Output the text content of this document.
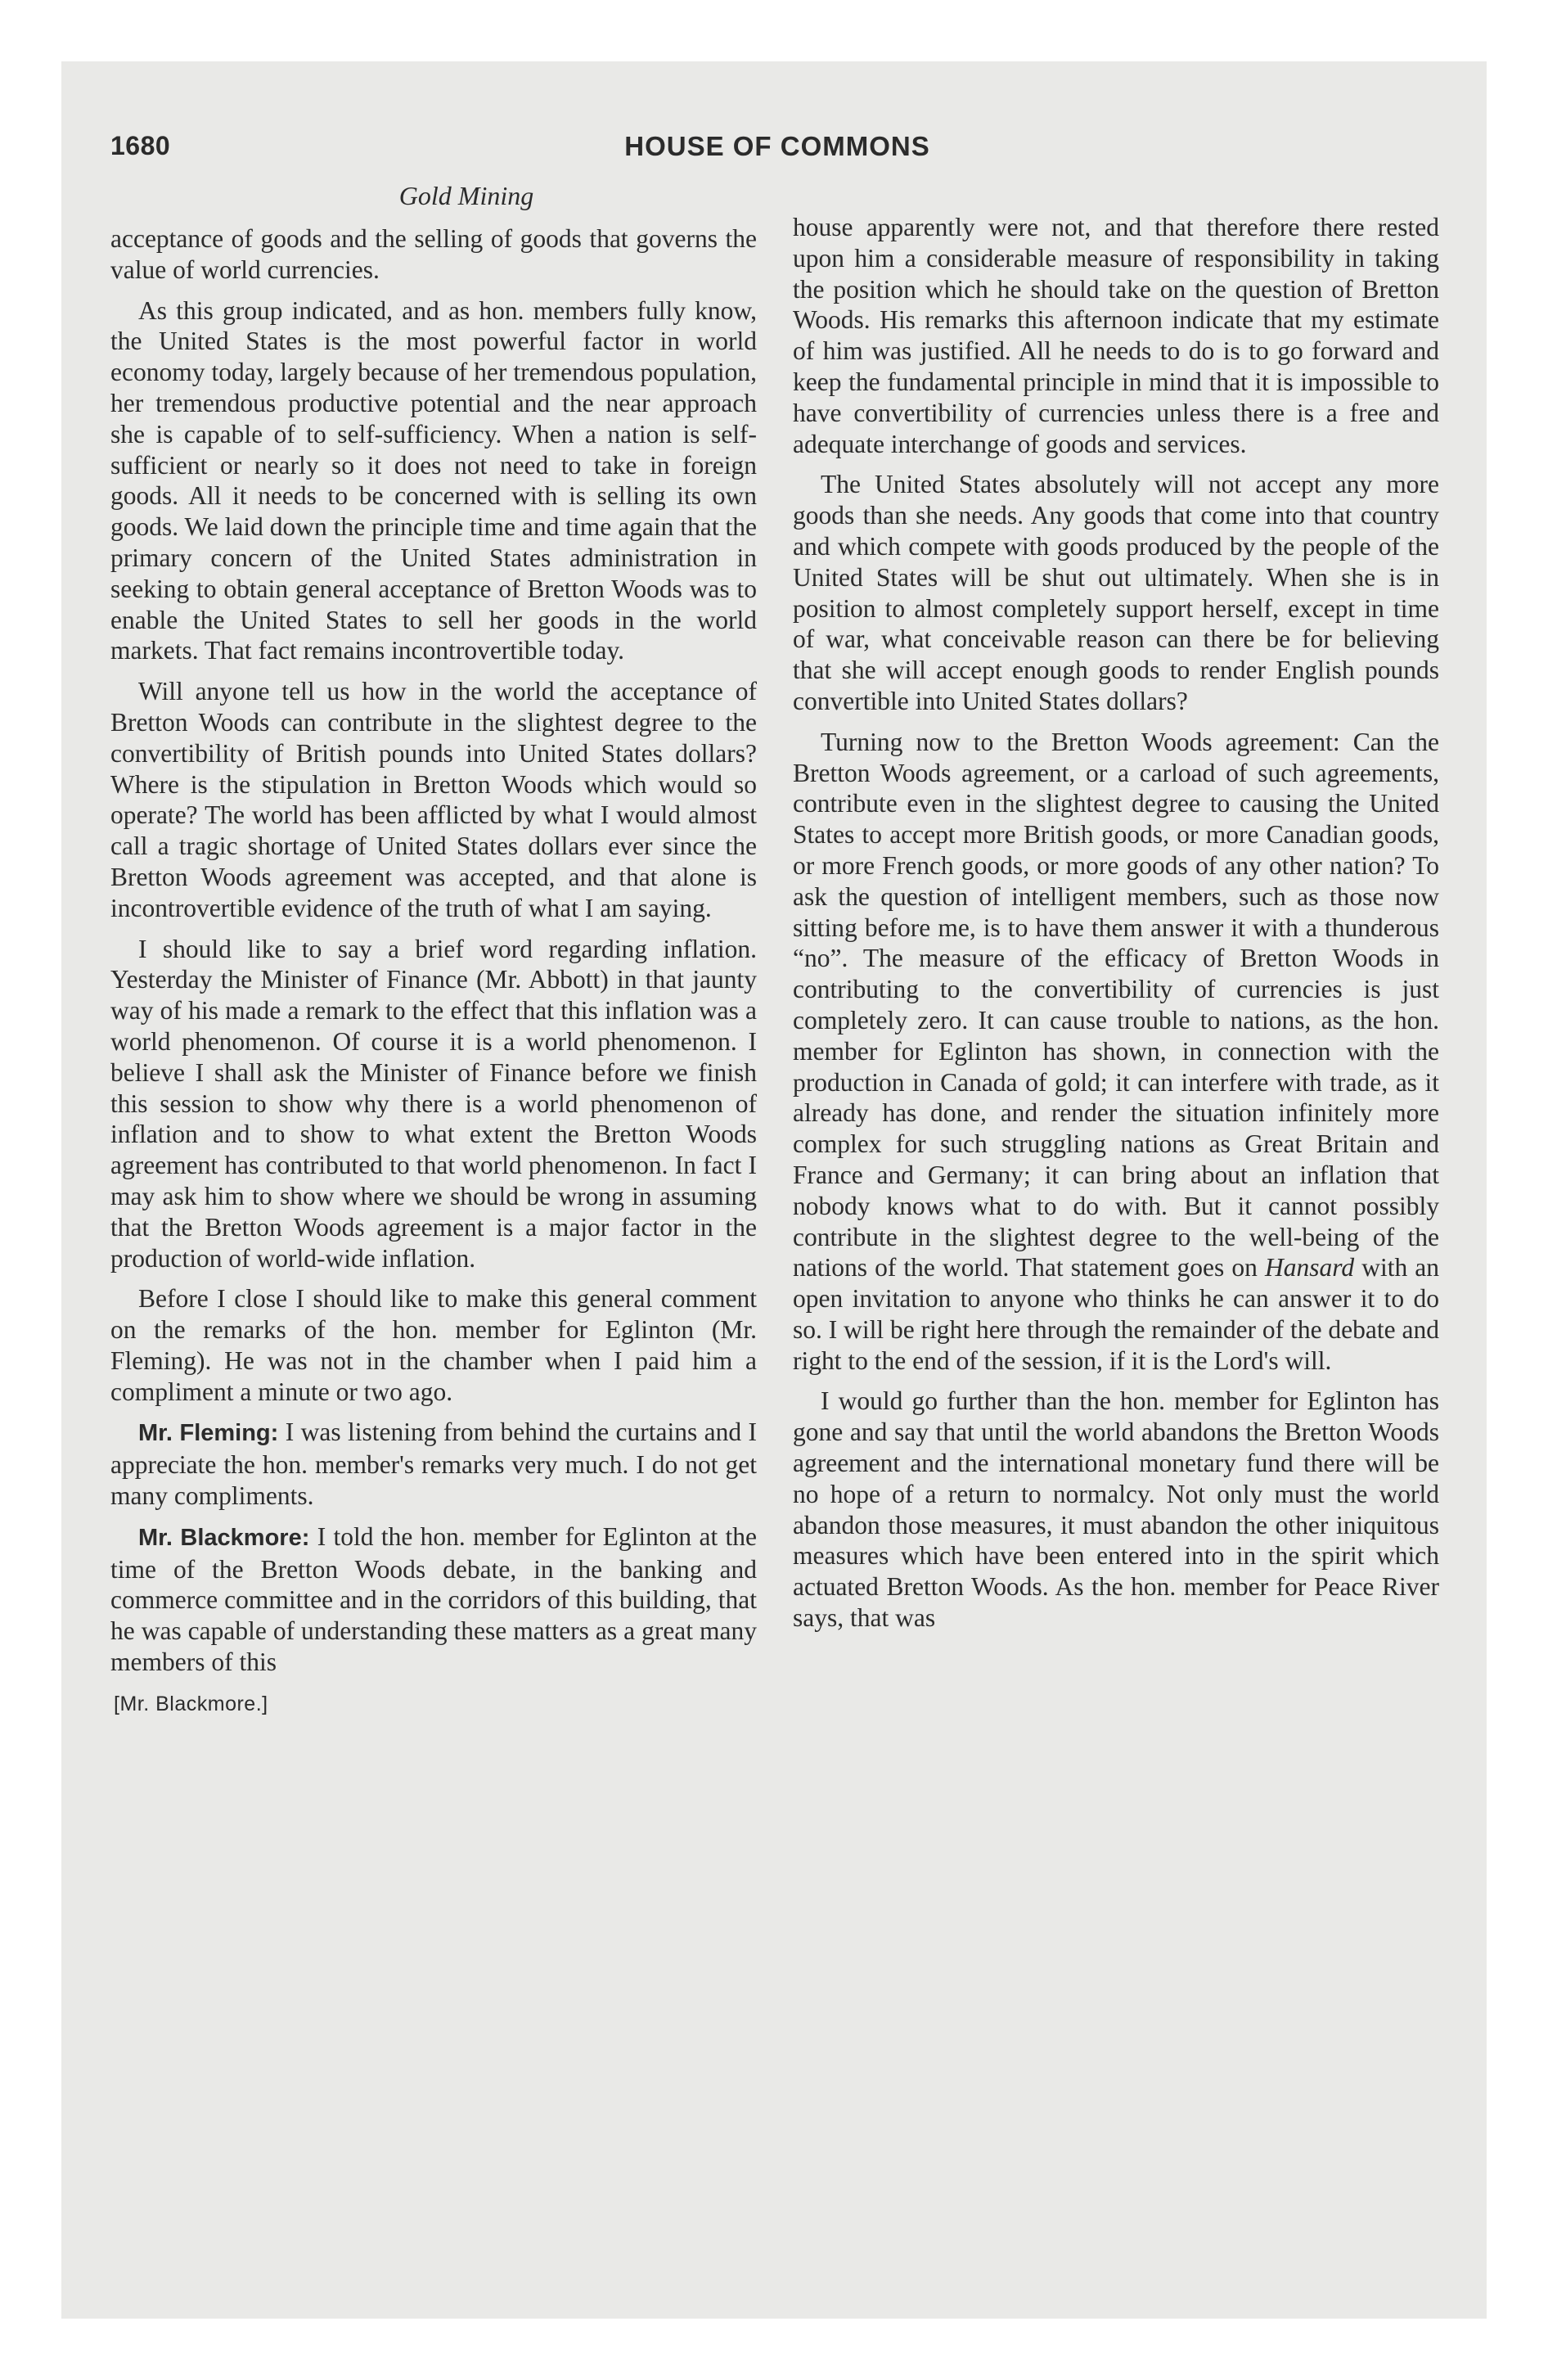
1680	HOUSE OF COMMONS
Gold Mining

acceptance of goods and the selling of goods that governs the value of world currencies.

As this group indicated, and as hon. members fully know, the United States is the most powerful factor in world economy today, largely because of her tremendous population, her tremendous productive potential and the near approach she is capable of to self-sufficiency. When a nation is self-sufficient or nearly so it does not need to take in foreign goods. All it needs to be concerned with is selling its own goods. We laid down the principle time and time again that the primary concern of the United States administration in seeking to obtain general acceptance of Bretton Woods was to enable the United States to sell her goods in the world markets. That fact remains incontrovertible today.

Will anyone tell us how in the world the acceptance of Bretton Woods can contribute in the slightest degree to the convertibility of British pounds into United States dollars? Where is the stipulation in Bretton Woods which would so operate? The world has been afflicted by what I would almost call a tragic shortage of United States dollars ever since the Bretton Woods agreement was accepted, and that alone is incontrovertible evidence of the truth of what I am saying.

I should like to say a brief word regarding inflation. Yesterday the Minister of Finance (Mr. Abbott) in that jaunty way of his made a remark to the effect that this inflation was a world phenomenon. Of course it is a world phenomenon. I believe I shall ask the Minister of Finance before we finish this session to show why there is a world phenomenon of inflation and to show to what extent the Bretton Woods agreement has contributed to that world phenomenon. In fact I may ask him to show where we should be wrong in assuming that the Bretton Woods agreement is a major factor in the production of world-wide inflation.

Before I close I should like to make this general comment on the remarks of the hon. member for Eglinton (Mr. Fleming). He was not in the chamber when I paid him a compliment a minute or two ago.

Mr. Fleming: I was listening from behind the curtains and I appreciate the hon. member's remarks very much. I do not get many compliments.

Mr. Blackmore: I told the hon. member for Eglinton at the time of the Bretton Woods debate, in the banking and commerce committee and in the corridors of this building, that he was capable of understanding these matters as a great many members of this

[Mr. Blackmore.]

house apparently were not, and that therefore there rested upon him a considerable measure of responsibility in taking the position which he should take on the question of Bretton Woods. His remarks this afternoon indicate that my estimate of him was justified. All he needs to do is to go forward and keep the fundamental principle in mind that it is impossible to have convertibility of currencies unless there is a free and adequate interchange of goods and services.

The United States absolutely will not accept any more goods than she needs. Any goods that come into that country and which compete with goods produced by the people of the United States will be shut out ultimately. When she is in position to almost completely support herself, except in time of war, what conceivable reason can there be for believing that she will accept enough goods to render English pounds convertible into United States dollars?

Turning now to the Bretton Woods agreement: Can the Bretton Woods agreement, or a carload of such agreements, contribute even in the slightest degree to causing the United States to accept more British goods, or more Canadian goods, or more French goods, or more goods of any other nation? To ask the question of intelligent members, such as those now sitting before me, is to have them answer it with a thunderous “no”. The measure of the efficacy of Bretton Woods in contributing to the convertibility of currencies is just completely zero. It can cause trouble to nations, as the hon. member for Eglinton has shown, in connection with the production in Canada of gold; it can interfere with trade, as it already has done, and render the situation infinitely more complex for such struggling nations as Great Britain and France and Germany; it can bring about an inflation that nobody knows what to do with. But it cannot possibly contribute in the slightest degree to the well-being of the nations of the world. That statement goes on Hansard with an open invitation to anyone who thinks he can answer it to do so. I will be right here through the remainder of the debate and right to the end of the session, if it is the Lord's will.

I would go further than the hon. member for Eglinton has gone and say that until the world abandons the Bretton Woods agreement and the international monetary fund there will be no hope of a return to normalcy. Not only must the world abandon those measures, it must abandon the other iniquitous measures which have been entered into in the spirit which actuated Bretton Woods. As the hon. member for Peace River says, that was
